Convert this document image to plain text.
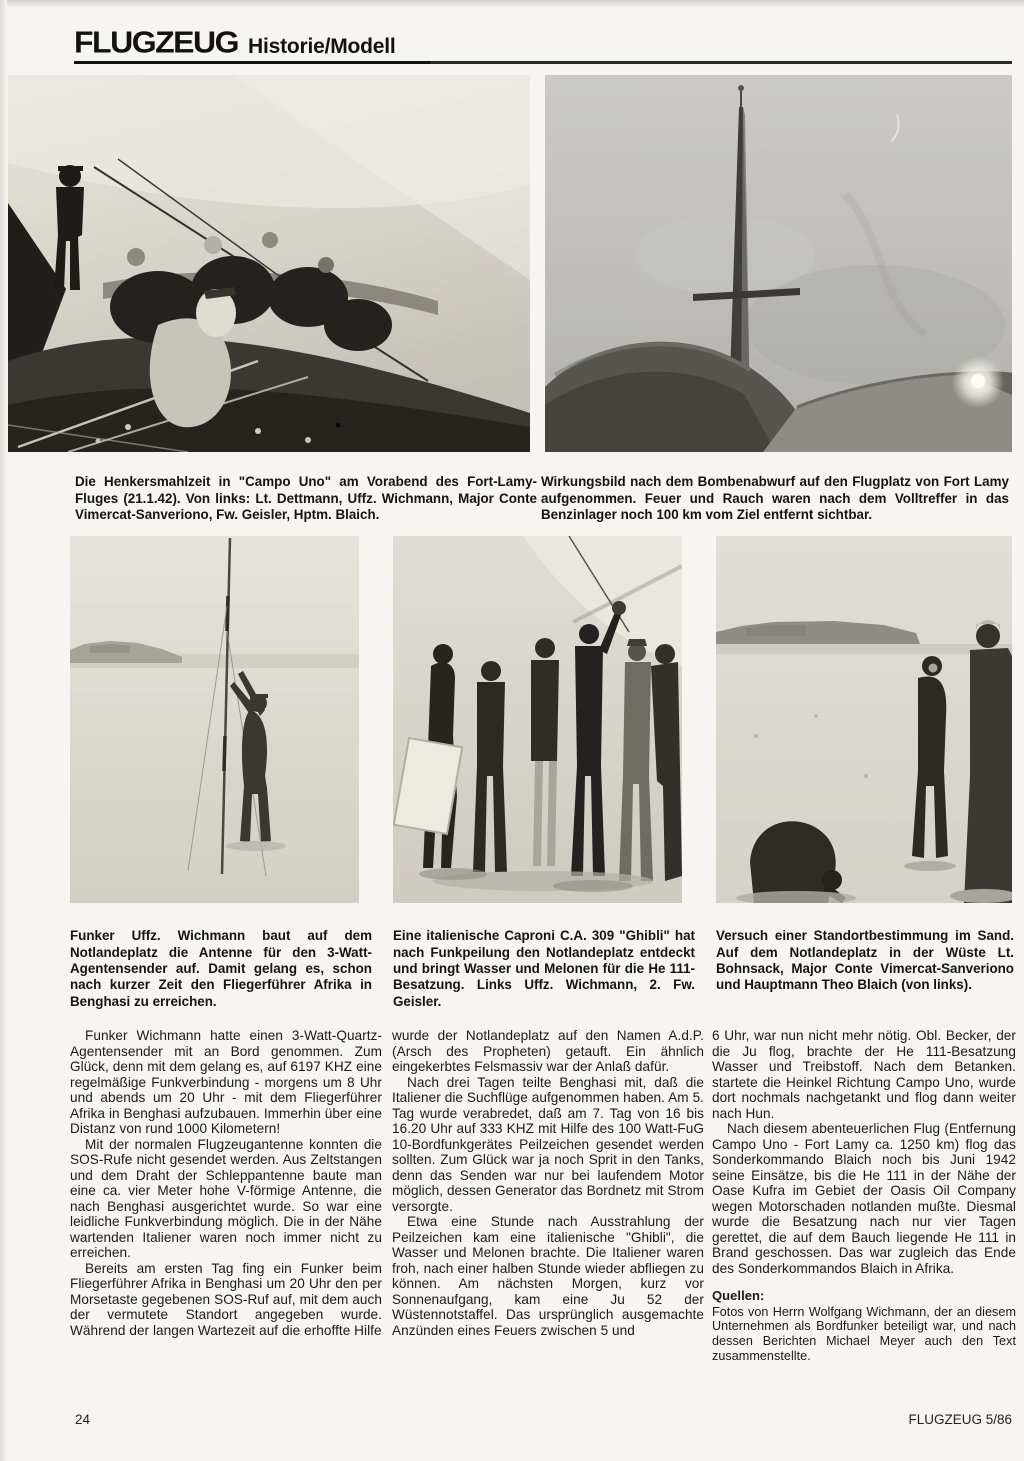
FLUGZEUG Historie/Modell

Die Henkersmahlzeit in "Campo Uno" am Vorabend des Fort-Lamy-Fluges (21.1.42). Von links: Lt. Dettmann, Uffz. Wichmann, Major Conte Vimercat-Sanveriono, Fw. Geisler, Hptm. Blaich.

Wirkungsbild nach dem Bombenabwurf auf den Flugplatz von Fort Lamy aufgenommen. Feuer und Rauch waren nach dem Volltreffer in das Benzinlager noch 100 km vom Ziel entfernt sichtbar.

Funker Uffz. Wichmann baut auf dem Notlandeplatz die Antenne für den 3-Watt-Agentensender auf. Damit gelang es, schon nach kurzer Zeit den Fliegerführer Afrika in Benghasi zu erreichen.

Eine italienische Caproni C.A. 309 "Ghibli" hat nach Funkpeilung den Notlandeplatz entdeckt und bringt Wasser und Melonen für die He 111-Besatzung. Links Uffz. Wichmann, 2. Fw. Geisler.

Versuch einer Standortbestimmung im Sand. Auf dem Notlandeplatz in der Wüste Lt. Bohnsack, Major Conte Vimercat-Sanveriono und Hauptmann Theo Blaich (von links).

Funker Wichmann hatte einen 3-Watt-Quartz-Agentensender mit an Bord genommen. Zum Glück, denn mit dem gelang es, auf 6197 KHZ eine regelmäßige Funkverbindung - morgens um 8 Uhr und abends um 20 Uhr - mit dem Fliegerführer Afrika in Benghasi aufzubauen. Immerhin über eine Distanz von rund 1000 Kilometern!

Mit der normalen Flugzeugantenne konnten die SOS-Rufe nicht gesendet werden. Aus Zeltstangen und dem Draht der Schleppantenne baute man eine ca. vier Meter hohe V-förmige Antenne, die nach Benghasi ausgerichtet wurde. So war eine leidliche Funkverbindung möglich. Die in der Nähe wartenden Italiener waren noch immer nicht zu erreichen.

Bereits am ersten Tag fing ein Funker beim Fliegerführer Afrika in Benghasi um 20 Uhr den per Morsetaste gegebenen SOS-Ruf auf, mit dem auch der vermutete Standort angegeben wurde. Während der langen Wartezeit auf die erhoffte Hilfe

wurde der Notlandeplatz auf den Namen A.d.P. (Arsch des Propheten) getauft. Ein ähnlich eingekerbtes Felsmassiv war der Anlaß dafür.

Nach drei Tagen teilte Benghasi mit, daß die Italiener die Suchflüge aufgenommen haben. Am 5. Tag wurde verabredet, daß am 7. Tag von 16 bis 16.20 Uhr auf 333 KHZ mit Hilfe des 100 Watt-FuG 10-Bordfunkgerätes Peilzeichen gesendet werden sollten. Zum Glück war ja noch Sprit in den Tanks, denn das Senden war nur bei laufendem Motor möglich, dessen Generator das Bordnetz mit Strom versorgte.

Etwa eine Stunde nach Ausstrahlung der Peilzeichen kam eine italienische "Ghibli", die Wasser und Melonen brachte. Die Italiener waren froh, nach einer halben Stunde wieder abfliegen zu können. Am nächsten Morgen, kurz vor Sonnenaufgang, kam eine Ju 52 der Wüstennotstaffel. Das ursprünglich ausgemachte Anzünden eines Feuers zwischen 5 und

6 Uhr, war nun nicht mehr nötig. Obl. Becker, der die Ju flog, brachte der He 111-Besatzung Wasser und Treibstoff. Nach dem Betanken. startete die Heinkel Richtung Campo Uno, wurde dort nochmals nachgetankt und flog dann weiter nach Hun.

Nach diesem abenteuerlichen Flug (Entfernung Campo Uno - Fort Lamy ca. 1250 km) flog das Sonderkommando Blaich noch bis Juni 1942 seine Einsätze, bis die He 111 in der Nähe der Oase Kufra im Gebiet der Oasis Oil Company wegen Motorschaden notlanden mußte. Diesmal wurde die Besatzung nach nur vier Tagen gerettet, die auf dem Bauch liegende He 111 in Brand geschossen. Das war zugleich das Ende des Sonderkommandos Blaich in Afrika.

Quellen:

Fotos von Herrn Wolfgang Wichmann, der an diesem Unternehmen als Bordfunker beteiligt war, und nach dessen Berichten Michael Meyer auch den Text zusammenstellte.

24	FLUGZEUG 5/86
